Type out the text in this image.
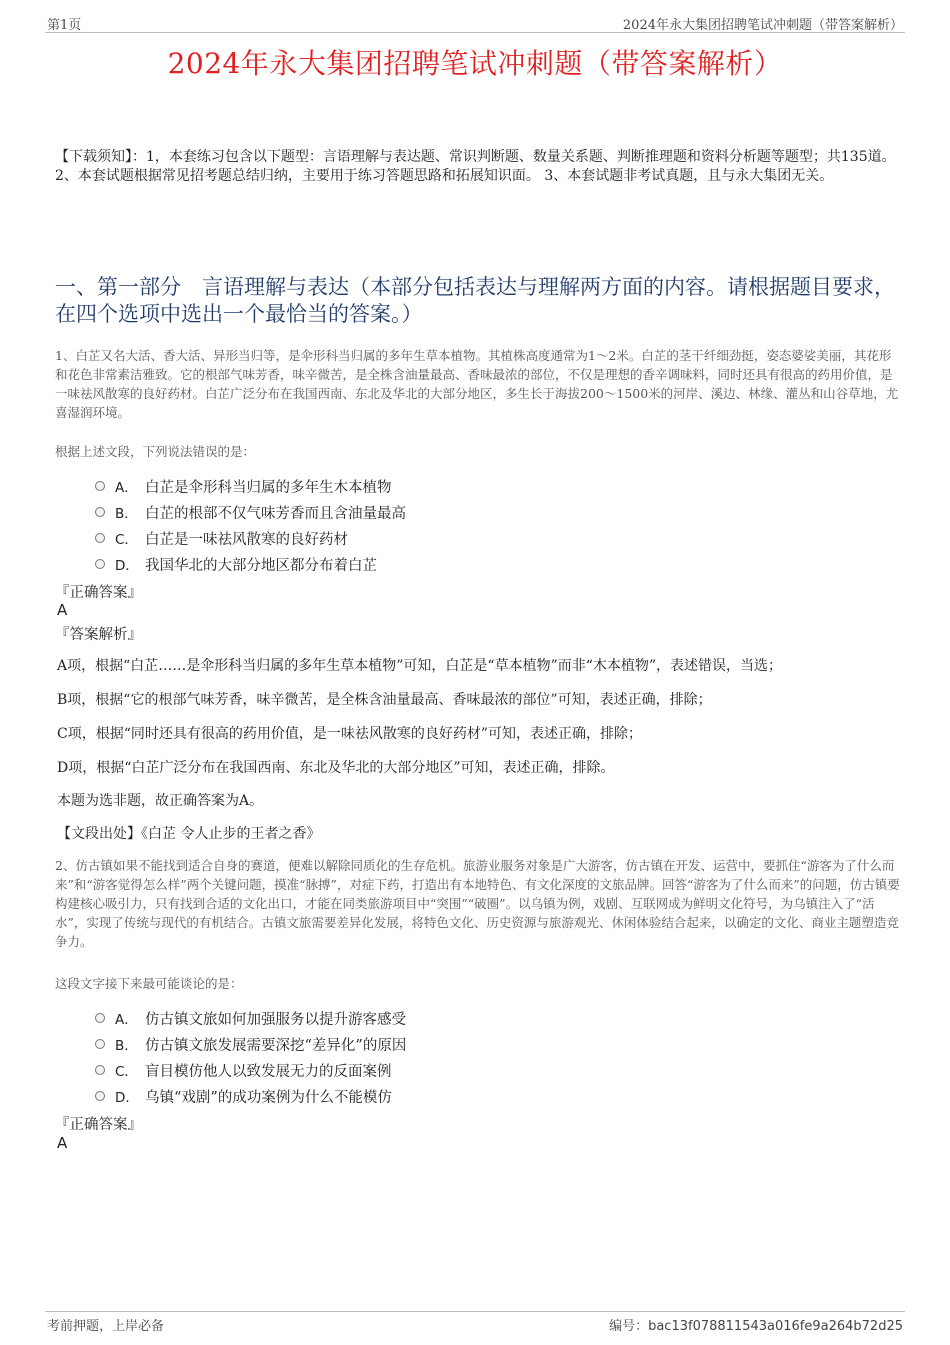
第1页	2024年永大集团招聘笔试冲刺题（带答案解析）
2024年永大集团招聘笔试冲刺题（带答案解析）
【下载须知】：1，本套练习包含以下题型：言语理解与表达题、常识判断题、数量关系题、判断推理题和资料分析题等题型；共135道。 2、本套试题根据常见招考题总结归纳，主要用于练习答题思路和拓展知识面。 3、本套试题非考试真题，且与永大集团无关。
一、第一部分　言语理解与表达（本部分包括表达与理解两方面的内容。请根据题目要求，在四个选项中选出一个最恰当的答案。）
1、白芷又名大活、香大活、异形当归等，是伞形科当归属的多年生草本植物。其植株高度通常为1～2米。白芷的茎干纤细劲挺，姿态婆娑美丽，其花形和花色非常素洁雅致。它的根部气味芳香，味辛微苦，是全株含油量最高、香味最浓的部位，不仅是理想的香辛调味料，同时还具有很高的药用价值，是一味祛风散寒的良好药材。白芷广泛分布在我国西南、东北及华北的大部分地区，多生长于海拔200～1500米的河岸、溪边、林缘、灌丛和山谷草地，尤喜湿润环境。
根据上述文段，下列说法错误的是：
A． 白芷是伞形科当归属的多年生木本植物
B． 白芷的根部不仅气味芳香而且含油量最高
C． 白芷是一味祛风散寒的良好药材
D． 我国华北的大部分地区都分布着白芷
『正确答案』
A
『答案解析』
A项，根据“白芷……是伞形科当归属的多年生草本植物”可知，白芷是“草本植物”而非“木本植物”，表述错误，当选；
B项，根据“它的根部气味芳香，味辛微苦，是全株含油量最高、香味最浓的部位”可知，表述正确，排除；
C项，根据“同时还具有很高的药用价值，是一味祛风散寒的良好药材”可知，表述正确，排除；
D项，根据“白芷广泛分布在我国西南、东北及华北的大部分地区”可知，表述正确，排除。
本题为选非题，故正确答案为A。
【文段出处】《白芷 令人止步的王者之香》
2、仿古镇如果不能找到适合自身的赛道，便难以解除同质化的生存危机。旅游业服务对象是广大游客，仿古镇在开发、运营中，要抓住“游客为了什么而来”和“游客觉得怎么样”两个关键问题，摸准“脉搏”，对症下药，打造出有本地特色、有文化深度的文旅品牌。回答“游客为了什么而来”的问题，仿古镇要构建核心吸引力，只有找到合适的文化出口，才能在同类旅游项目中“突围”“破圈”。以乌镇为例，戏剧、互联网成为鲜明文化符号，为乌镇注入了“活水”，实现了传统与现代的有机结合。古镇文旅需要差异化发展，将特色文化、历史资源与旅游观光、休闲体验结合起来，以确定的文化、商业主题塑造竞争力。
这段文字接下来最可能谈论的是：
A． 仿古镇文旅如何加强服务以提升游客感受
B． 仿古镇文旅发展需要深挖“差异化”的原因
C． 盲目模仿他人以致发展无力的反面案例
D． 乌镇“戏剧”的成功案例为什么不能模仿
『正确答案』
A
考前押题，上岸必备	编号：bac13f078811543a016fe9a264b72d25
